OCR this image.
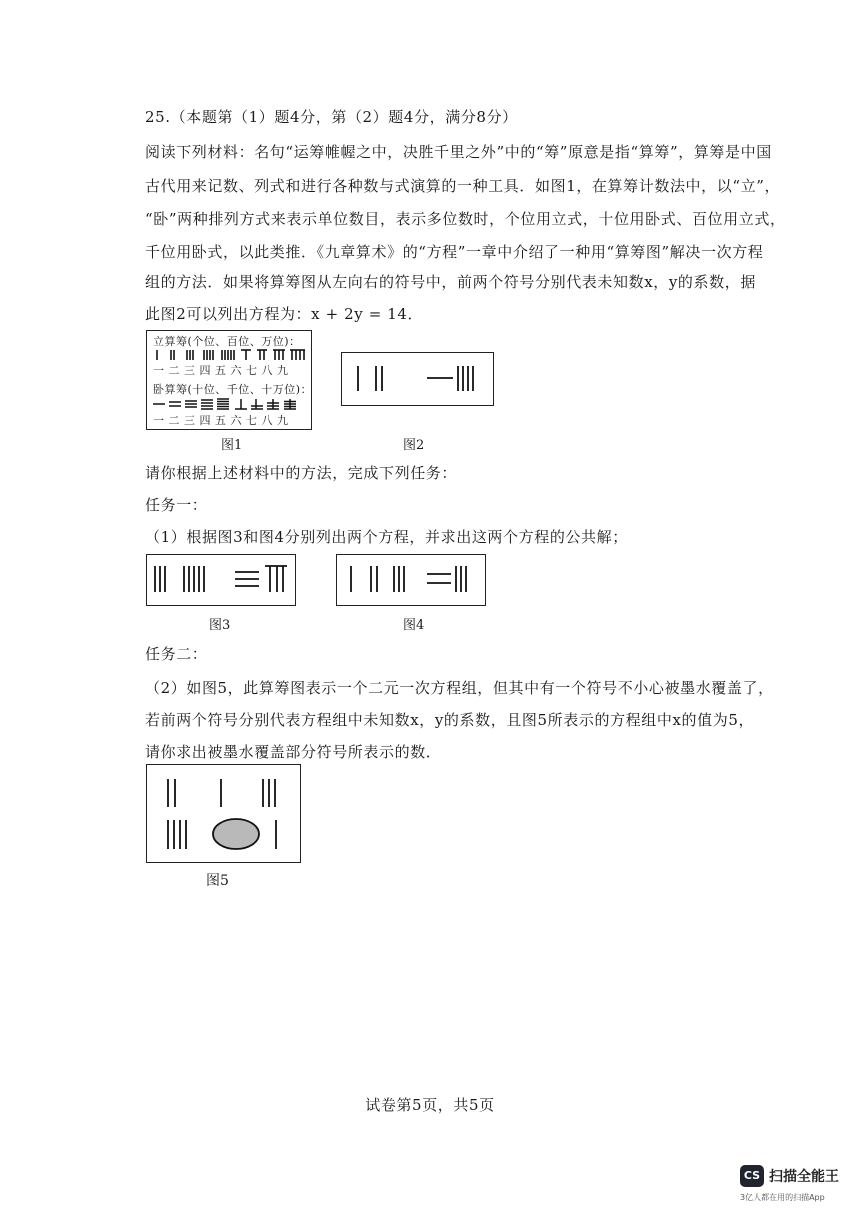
25.（本题第（1）题4分，第（2）题4分，满分8分）
阅读下列材料：名句“运筹帷幄之中，决胜千里之外”中的“筹”原意是指“算筹”，算筹是中国
古代用来记数、列式和进行各种数与式演算的一种工具．如图1，在算筹计数法中，以“立”，
“卧”两种排列方式来表示单位数目，表示多位数时，个位用立式，十位用卧式、百位用立式，
千位用卧式，以此类推．《九章算术》的“方程”一章中介绍了一种用“算筹图”解决一次方程
组的方法．如果将算筹图从左向右的符号中，前两个符号分别代表未知数x，y的系数，据
此图2可以列出方程为：x + 2y = 14．
立算筹(个位、百位、万位)：
一 二 三 四 五 六 七 八 九
卧算筹(十位、千位、十万位)：
一 二 三 四 五 六 七 八 九
图1	图2
请你根据上述材料中的方法，完成下列任务：
任务一：
（1）根据图3和图4分别列出两个方程，并求出这两个方程的公共解；
图3	图4
任务二：
（2）如图5，此算筹图表示一个二元一次方程组，但其中有一个符号不小心被墨水覆盖了，
若前两个符号分别代表方程组中未知数x，y的系数，且图5所表示的方程组中x的值为5，
请你求出被墨水覆盖部分符号所表示的数．
图5
试卷第5页，共5页
CS 扫描全能王
3亿人都在用的扫描App
